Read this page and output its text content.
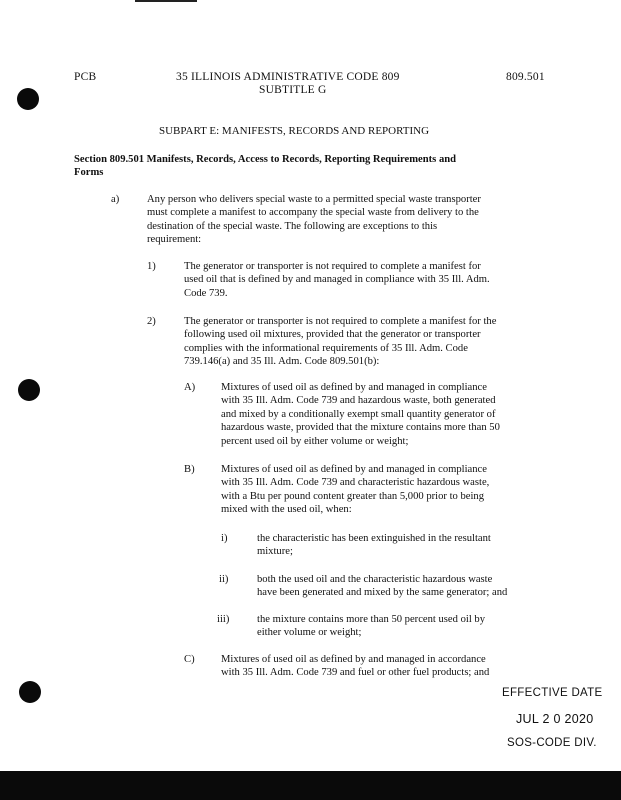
PCB	35 ILLINOIS ADMINISTRATIVE CODE 809	809.501
SUBTITLE G
SUBPART E: MANIFESTS, RECORDS AND REPORTING
Section 809.501 Manifests, Records, Access to Records, Reporting Requirements and
Forms
a)	Any person who delivers special waste to a permitted special waste transporter
must complete a manifest to accompany the special waste from delivery to the
destination of the special waste. The following are exceptions to this
requirement:
1)	The generator or transporter is not required to complete a manifest for
used oil that is defined by and managed in compliance with 35 Ill. Adm.
Code 739.
2)	The generator or transporter is not required to complete a manifest for the
following used oil mixtures, provided that the generator or transporter
complies with the informational requirements of 35 Ill. Adm. Code
739.146(a) and 35 Ill. Adm. Code 809.501(b):
A) Mixtures of used oil as defined by and managed in compliance
with 35 Ill. Adm. Code 739 and hazardous waste, both generated
and mixed by a conditionally exempt small quantity generator of
hazardous waste, provided that the mixture contains more than 50
percent used oil by either volume or weight;
B) Mixtures of used oil as defined by and managed in compliance
with 35 Ill. Adm. Code 739 and characteristic hazardous waste,
with a Btu per pound content greater than 5,000 prior to being
mixed with the used oil, when:
i)	the characteristic has been extinguished in the resultant
mixture;
ii)	both the used oil and the characteristic hazardous waste
have been generated and mixed by the same generator; and
iii)	the mixture contains more than 50 percent used oil by
either volume or weight;
C) Mixtures of used oil as defined by and managed in accordance
with 35 Ill. Adm. Code 739 and fuel or other fuel products; and
EFFECTIVE DATE
JUL 2 0 2020
SOS-CODE DIV.
